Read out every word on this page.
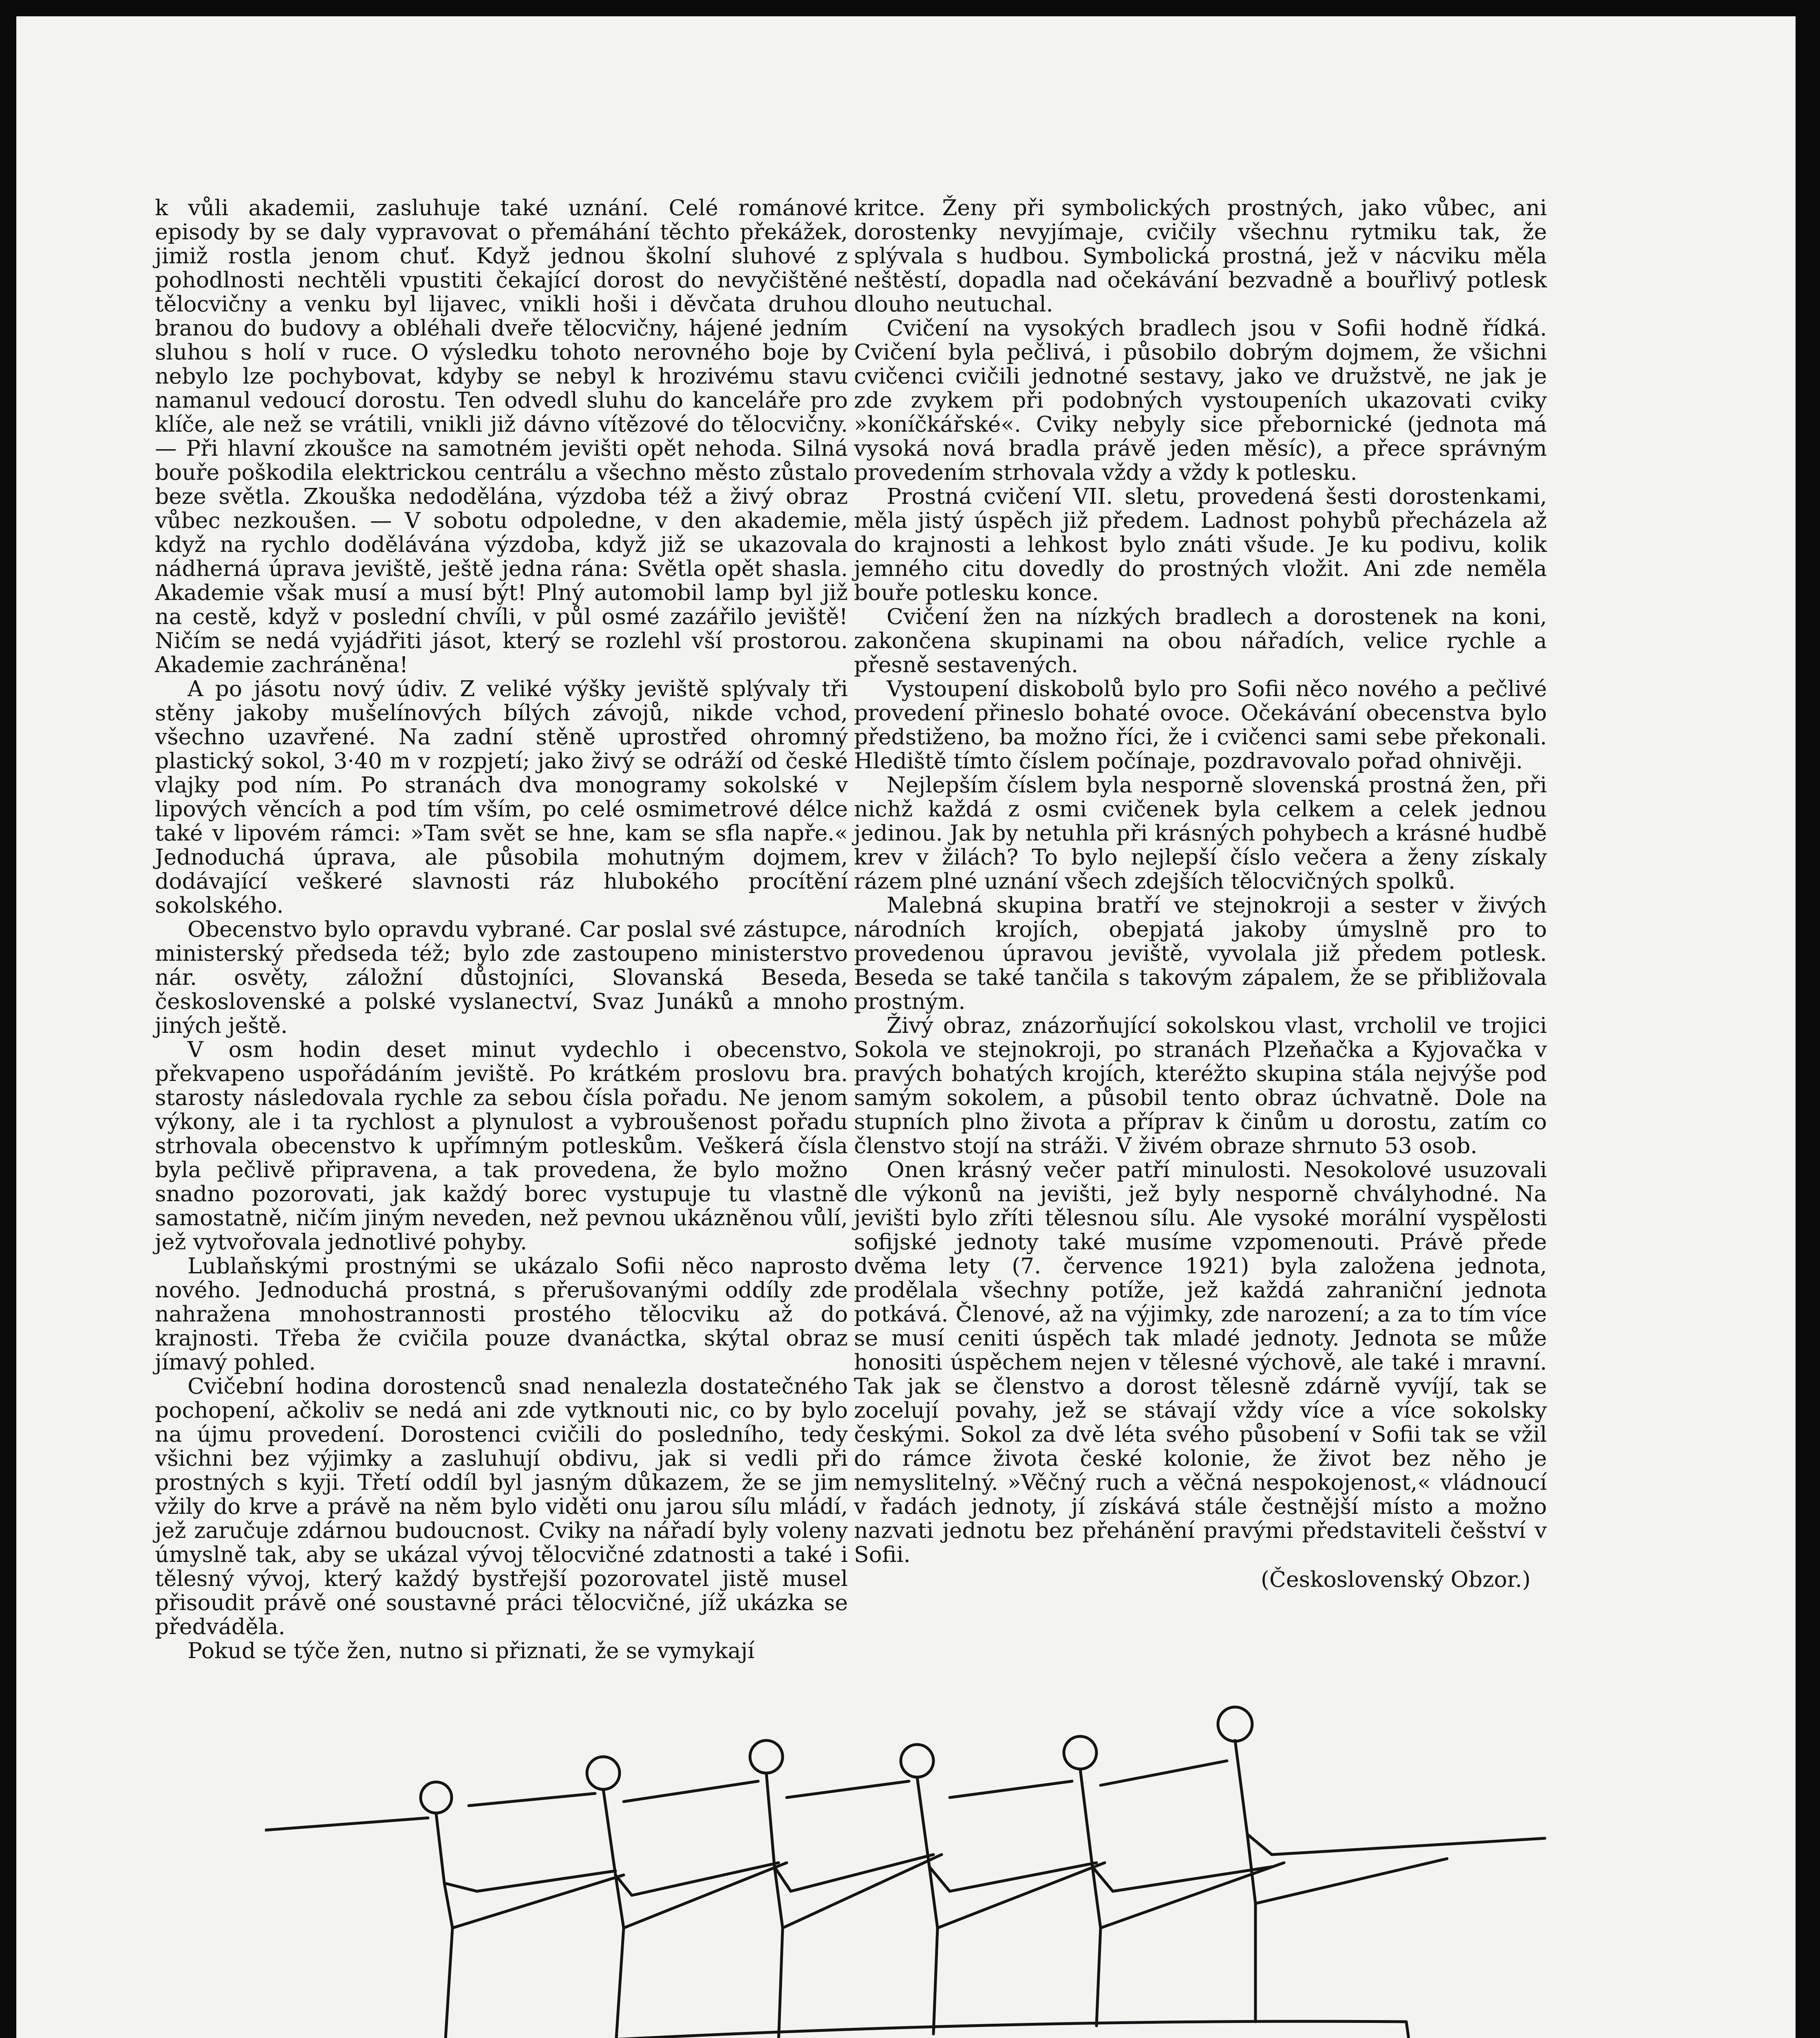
k vůli akademii, zasluhuje také uznání. Celé románové episody by se daly vypravovat o přemáhání těchto překážek, jimiž rostla jenom chuť. Když jednou školní sluhové z pohodlnosti nechtěli vpustiti čekající dorost do nevyčištěné tělocvičny a venku byl lijavec, vnikli hoši i děvčata druhou branou do budovy a obléhali dveře tělocvičny, hájené jedním sluhou s holí v ruce. O výsledku tohoto nerovného boje by nebylo lze pochybovat, kdyby se nebyl k hrozivému stavu namanul vedoucí dorostu. Ten odvedl sluhu do kanceláře pro klíče, ale než se vrátili, vnikli již dávno vítězové do tělocvičny. — Při hlavní zkoušce na samotném jevišti opět nehoda. Silná bouře poškodila elektrickou centrálu a všechno město zůstalo beze světla. Zkouška nedodělána, výzdoba též a živý obraz vůbec nezkoušen. — V sobotu odpoledne, v den akademie, když na rychlo dodělávána výzdoba, když již se ukazovala nádherná úprava jeviště, ještě jedna rána: Světla opět shasla. Akademie však musí a musí být! Plný automobil lamp byl již na cestě, když v poslední chvíli, v půl osmé zazářilo jeviště! Ničím se nedá vyjádřiti jásot, který se rozlehl vší prostorou. Akademie zachráněna!

A po jásotu nový údiv. Z veliké výšky jeviště splývaly tři stěny jakoby mušelínových bílých závojů, nikde vchod, všechno uzavřené. Na zadní stěně uprostřed ohromný plastický sokol, 3·40 m v rozpjetí; jako živý se odráží od české vlajky pod ním. Po stranách dva monogramy sokolské v lipových věncích a pod tím vším, po celé osmimetrové délce také v lipovém rámci: »Tam svět se hne, kam se sfla napře.« Jednoduchá úprava, ale působila mohutným dojmem, dodávající veškeré slavnosti ráz hlubokého procítění sokolského.

Obecenstvo bylo opravdu vybrané. Car poslal své zástupce, ministerský předseda též; bylo zde zastoupeno ministerstvo nár. osvěty, záložní důstojníci, Slovanská Beseda, československé a polské vyslanectví, Svaz Junáků a mnoho jiných ještě.

V osm hodin deset minut vydechlo i obecenstvo, překvapeno uspořádáním jeviště. Po krátkém proslovu bra. starosty následovala rychle za sebou čísla pořadu. Ne jenom výkony, ale i ta rychlost a plynulost a vybroušenost pořadu strhovala obecenstvo k upřímným potleskům. Veškerá čísla byla pečlivě připravena, a tak provedena, že bylo možno snadno pozorovati, jak každý borec vystupuje tu vlastně samostatně, ničím jiným neveden, než pevnou ukázněnou vůlí, jež vytvořovala jednotlivé pohyby.

Lublaňskými prostnými se ukázalo Sofii něco naprosto nového. Jednoduchá prostná, s přerušovanými oddíly zde nahražena mnohostrannosti prostého tělocviku až do krajnosti. Třeba že cvičila pouze dvanáctka, skýtal obraz jímavý pohled.

Cvičební hodina dorostenců snad nenalezla dostatečného pochopení, ačkoliv se nedá ani zde vytknouti nic, co by bylo na újmu provedení. Dorostenci cvičili do posledního, tedy všichni bez výjimky a zasluhují obdivu, jak si vedli při prostných s kyji. Třetí oddíl byl jasným důkazem, že se jim vžily do krve a právě na něm bylo viděti onu jarou sílu mládí, jež zaručuje zdárnou budoucnost. Cviky na nářadí byly voleny úmyslně tak, aby se ukázal vývoj tělocvičné zdatnosti a také i tělesný vývoj, který každý bystřejší pozorovatel jistě musel přisoudit právě oné soustavné práci tělocvičné, jíž ukázka se předváděla.

Pokud se týče žen, nutno si přiznati, že se vymykají

kritce. Ženy při symbolických prostných, jako vůbec, ani dorostenky nevyjímaje, cvičily všechnu rytmiku tak, že splývala s hudbou. Symbolická prostná, jež v nácviku měla neštěstí, dopadla nad očekávání bezvadně a bouřlivý potlesk dlouho neutuchal.

Cvičení na vysokých bradlech jsou v Sofii hodně řídká. Cvičení byla pečlivá, i působilo dobrým dojmem, že všichni cvičenci cvičili jednotné sestavy, jako ve družstvě, ne jak je zde zvykem při podobných vystoupeních ukazovati cviky »koníčkářské«. Cviky nebyly sice přebornické (jednota má vysoká nová bradla právě jeden měsíc), a přece správným provedením strhovala vždy a vždy k potlesku.

Prostná cvičení VII. sletu, provedená šesti dorostenkami, měla jistý úspěch již předem. Ladnost pohybů přecházela až do krajnosti a lehkost bylo znáti všude. Je ku podivu, kolik jemného citu dovedly do prostných vložit. Ani zde neměla bouře potlesku konce.

Cvičení žen na nízkých bradlech a dorostenek na koni, zakončena skupinami na obou nářadích, velice rychle a přesně sestavených.

Vystoupení diskobolů bylo pro Sofii něco nového a pečlivé provedení přineslo bohaté ovoce. Očekávání obecenstva bylo předstiženo, ba možno říci, že i cvičenci sami sebe překonali. Hlediště tímto číslem počínaje, pozdravovalo pořad ohnivěji.

Nejlepším číslem byla nesporně slovenská prostná žen, při nichž každá z osmi cvičenek byla celkem a celek jednou jedinou. Jak by netuhla při krásných pohybech a krásné hudbě krev v žilách? To bylo nejlepší číslo večera a ženy získaly rázem plné uznání všech zdejších tělocvičných spolků.

Malebná skupina bratří ve stejnokroji a sester v živých národních krojích, obepjatá jakoby úmyslně pro to provedenou úpravou jeviště, vyvolala již předem potlesk. Beseda se také tančila s takovým zápalem, že se přibližovala prostným.

Živý obraz, znázorňující sokolskou vlast, vrcholil ve trojici Sokola ve stejnokroji, po stranách Plzeňačka a Kyjovačka v pravých bohatých krojích, kteréžto skupina stála nejvýše pod samým sokolem, a působil tento obraz úchvatně. Dole na stupních plno života a příprav k činům u dorostu, zatím co členstvo stojí na stráži. V živém obraze shrnuto 53 osob.

Onen krásný večer patří minulosti. Nesokolové usuzovali dle výkonů na jevišti, jež byly nesporně chvályhodné. Na jevišti bylo zříti tělesnou sílu. Ale vysoké morální vyspělosti sofijské jednoty také musíme vzpomenouti. Právě přede dvěma lety (7. července 1921) byla založena jednota, prodělala všechny potíže, jež každá zahraniční jednota potkává. Členové, až na výjimky, zde narození; a za to tím více se musí ceniti úspěch tak mladé jednoty. Jednota se může honositi úspěchem nejen v tělesné výchově, ale také i mravní. Tak jak se členstvo a dorost tělesně zdárně vyvíjí, tak se zocelují povahy, jež se stávají vždy více a více sokolsky českými. Sokol za dvě léta svého působení v Sofii tak se vžil do rámce života české kolonie, že život bez něho je nemyslitelný. »Věčný ruch a věčná nespokojenost,« vládnoucí v řadách jednoty, jí získává stále čestnější místo a možno nazvati jednotu bez přehánění pravými představiteli češství v Sofii.

(Československý Obzor.)
